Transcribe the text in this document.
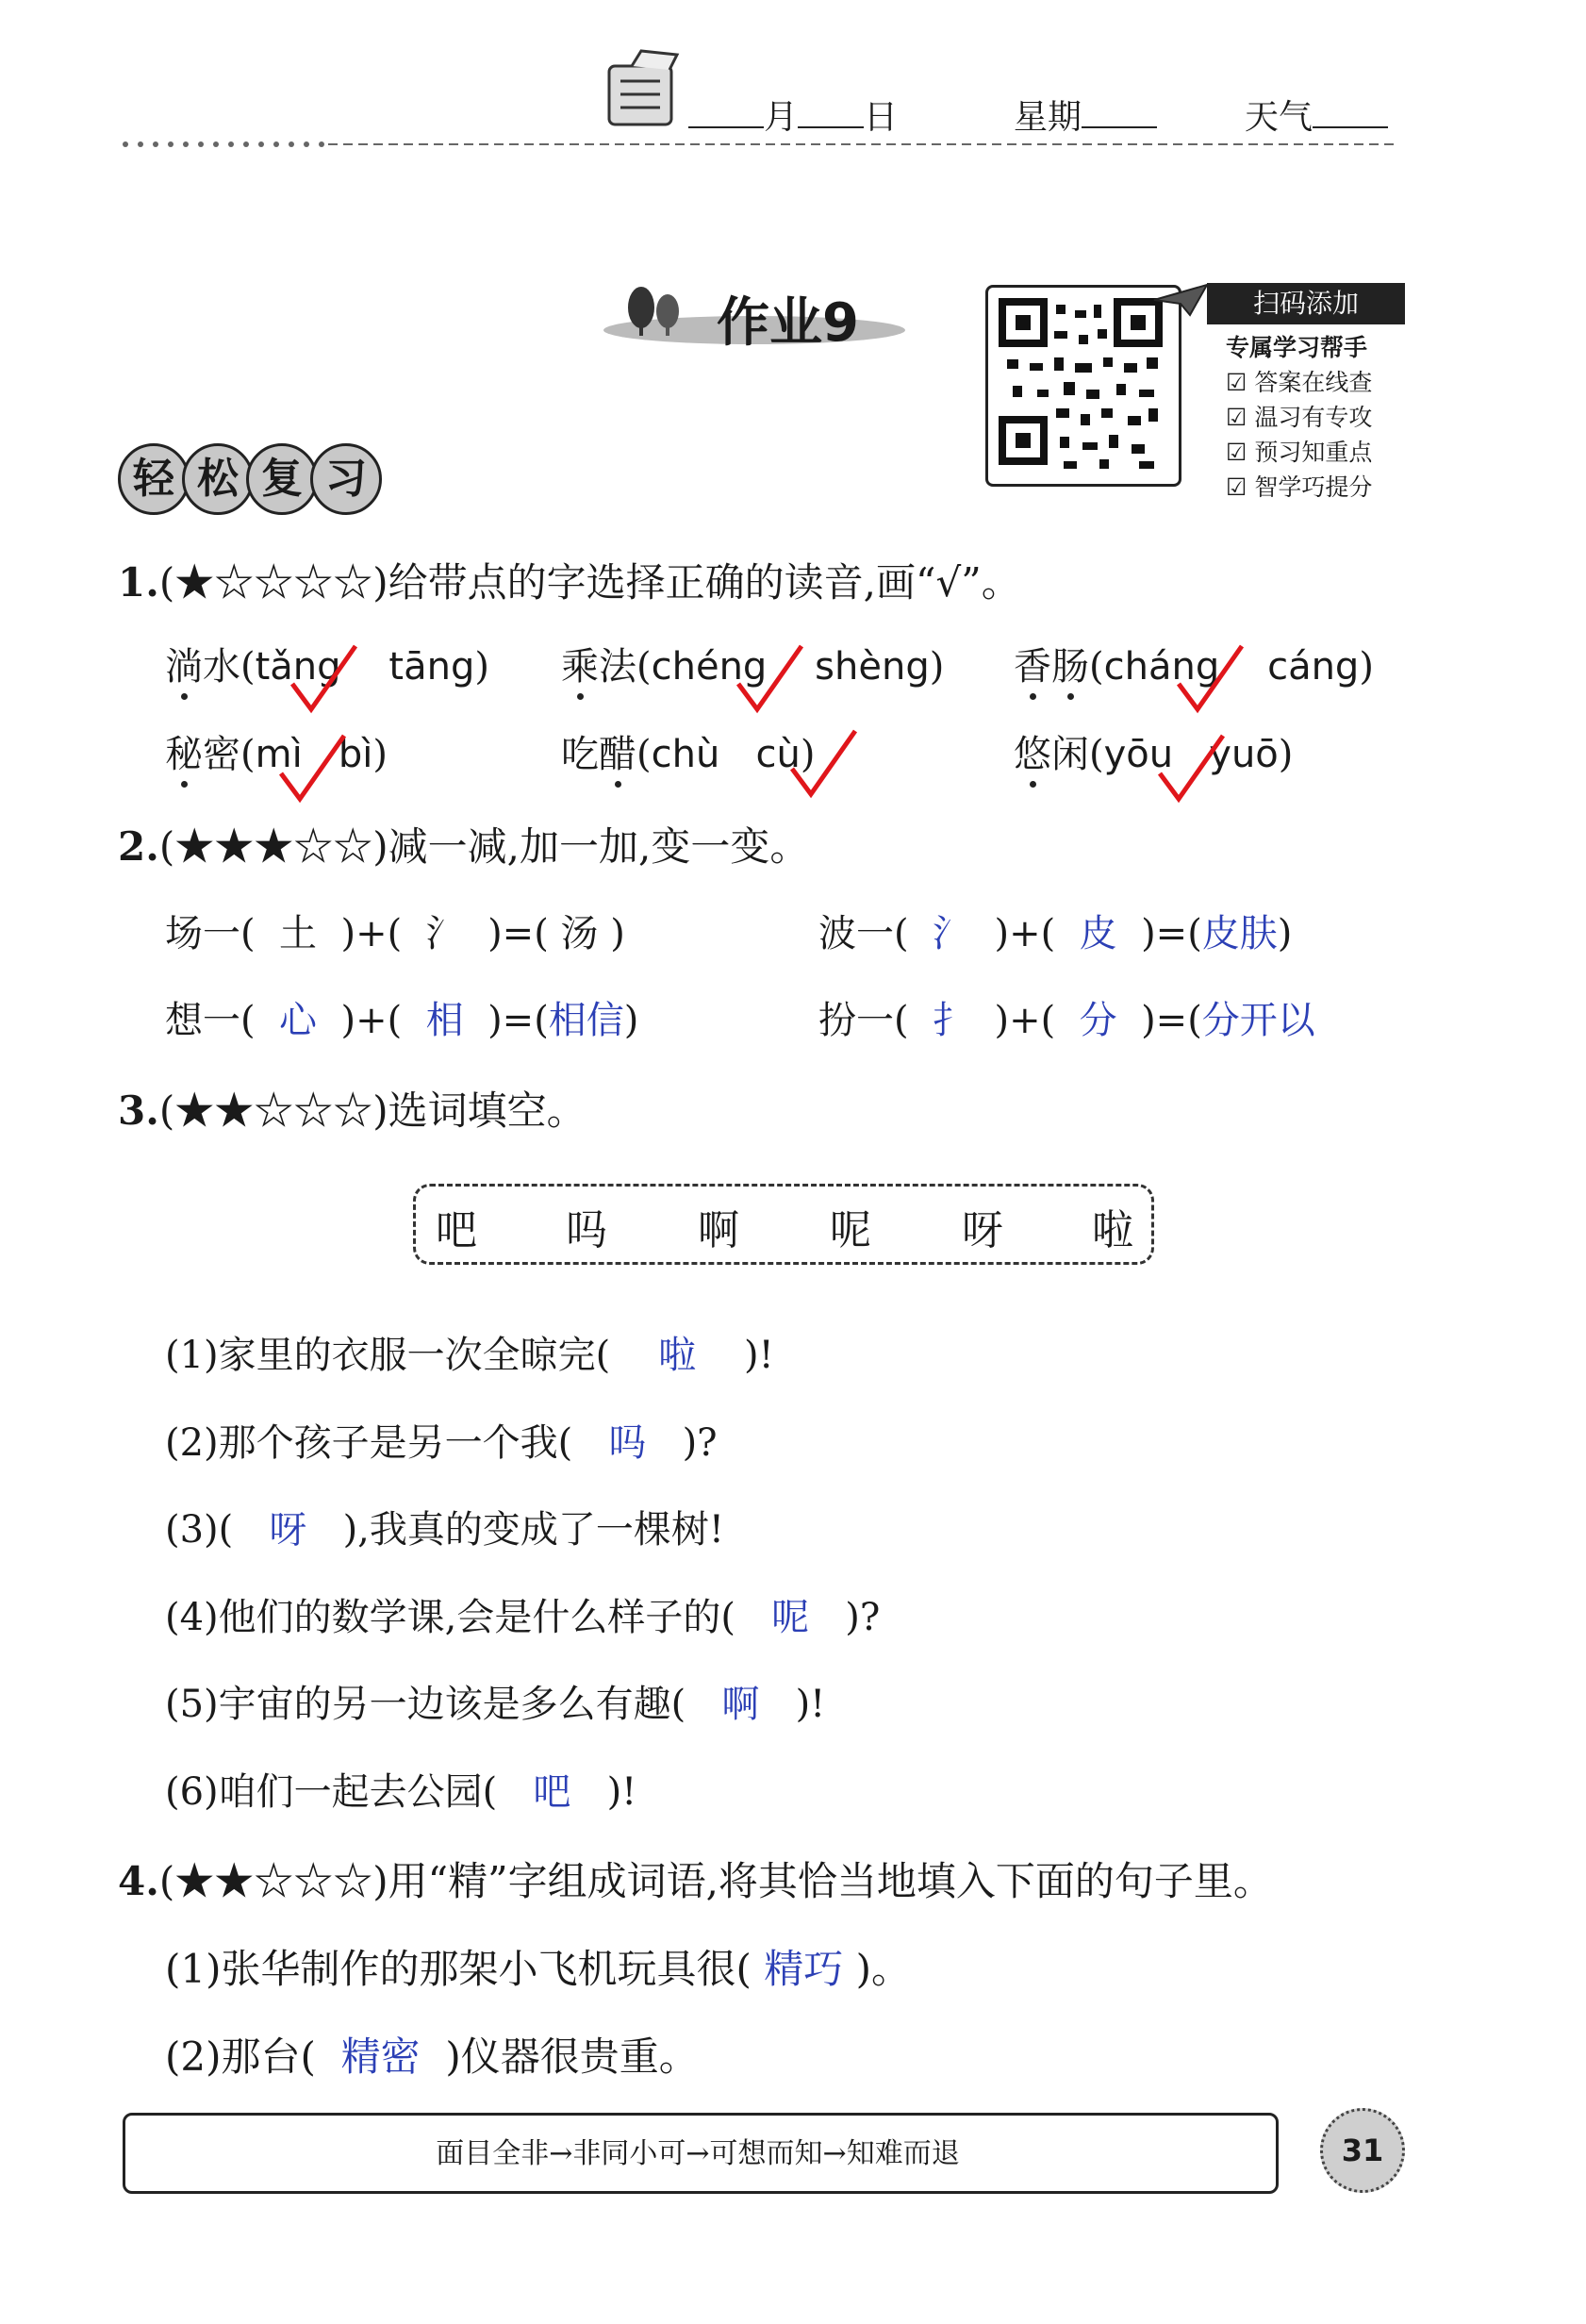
月 日	星期	天气
作业9	扫码添加
专属学习帮手
☑ 答案在线查
☑ 温习有专攻
☑ 预习知重点
☑ 智学巧提分
轻 松 复 习
1.(★☆☆☆☆)给带点的字选择正确的读音,画“√”。
淌水(tǎng tāng) 乘法(chéng shèng) 香肠(cháng cáng)
秘密(mì bì)	吃醋(chù cù)	悠闲(yōu yuō)
2.(★★★☆☆)减一减,加一加,变一变。
场一(  土  )+(  氵  )=( 汤 )	波一(  氵  )+(  皮  )=(皮肤)
想一(  心  )+(  相  )=(相信)	扮一(  扌  )+(  分  )=(分开以
3.(★★☆☆☆)选词填空。
吧 吗 啊 呢 呀 啦
(1)家里的衣服一次全晾完( 啦 )!
(2)那个孩子是另一个我( 吗 )?
(3)( 呀 ),我真的变成了一棵树!
(4)他们的数学课,会是什么样子的( 呢 )?
(5)宇宙的另一边该是多么有趣( 啊 )!
(6)咱们一起去公园( 吧 )!
4.(★★☆☆☆)用“精”字组成词语,将其恰当地填入下面的句子里。
(1)张华制作的那架小飞机玩具很( 精巧 )。
(2)那台( 精密 )仪器很贵重。
面目全非→非同小可→可想而知→知难而退	31
